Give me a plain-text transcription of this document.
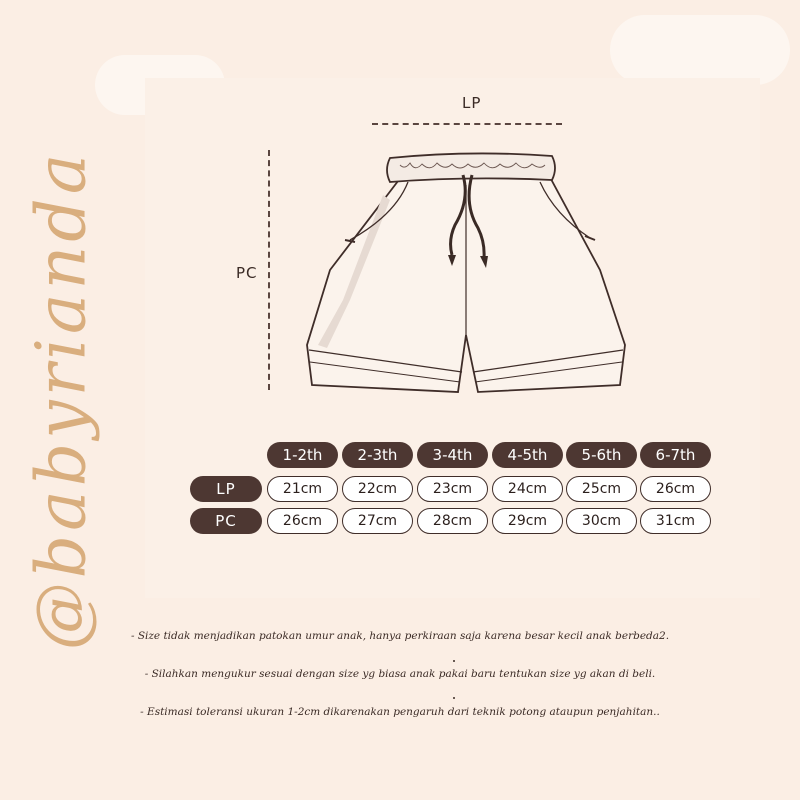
@babyrianda
LP
PC
1-2th	2-3th	3-4th	4-5th	5-6th	6-7th
LP	21cm	22cm	23cm	24cm	25cm	26cm
PC	26cm	27cm	28cm	29cm	30cm	31cm
- Size tidak menjadikan patokan umur anak, hanya perkiraan saja karena besar kecil anak berbeda2.
- Silahkan mengukur sesuai dengan size yg biasa anak pakai baru tentukan size yg akan di beli.
- Estimasi toleransi ukuran 1-2cm dikarenakan pengaruh dari teknik potong ataupun penjahitan..
